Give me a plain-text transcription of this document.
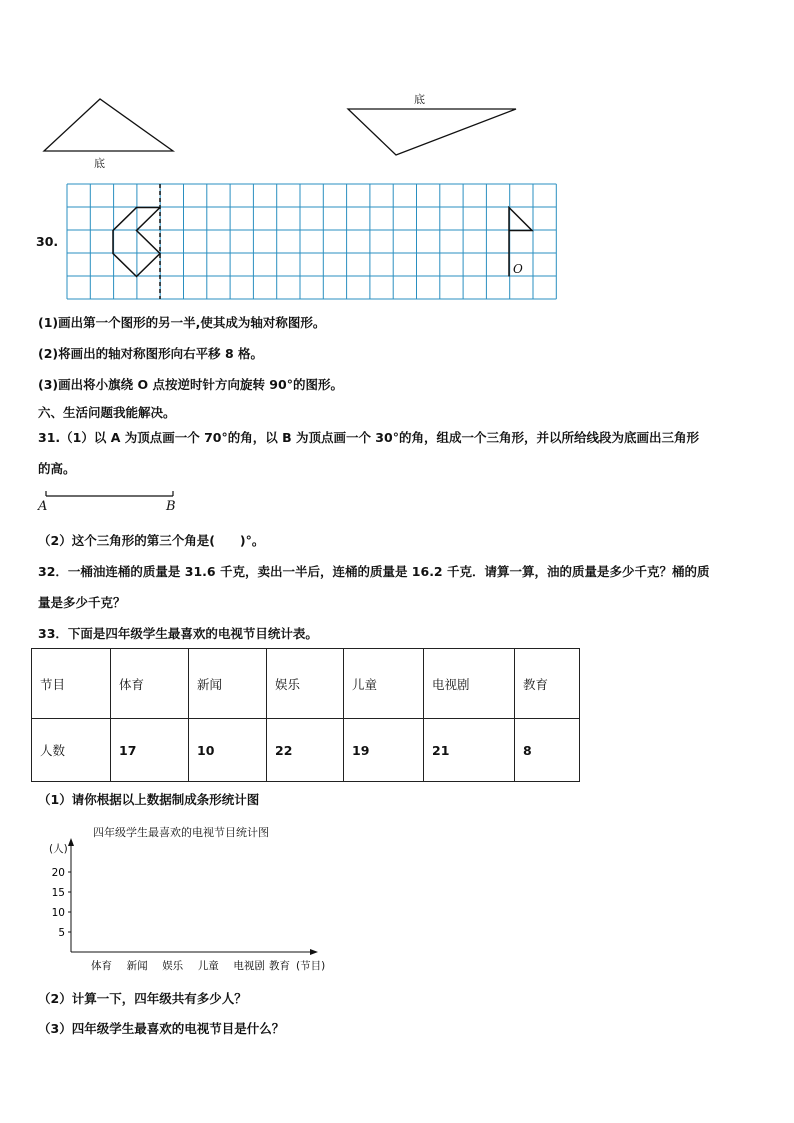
底
底
30.
O
(1)画出第一个图形的另一半,使其成为轴对称图形。
(2)将画出的轴对称图形向右平移 8 格。
(3)画出将小旗绕 O 点按逆时针方向旋转 90°的图形。
六、生活问题我能解决。
31.（1）以 A 为顶点画一个 70°的角，以 B 为顶点画一个 30°的角，组成一个三角形，并以所给线段为底画出三角形
的高。
A	B
（2）这个三角形的第三个角是(　　)°。
32．一桶油连桶的质量是 31.6 千克，卖出一半后，连桶的质量是 16.2 千克．请算一算，油的质量是多少千克？桶的质
量是多少千克？
33．下面是四年级学生最喜欢的电视节目统计表。
节目	体育	新闻	娱乐	儿童	电视剧	教育
人数	17	10	22	19	21	8
（1）请你根据以上数据制成条形统计图
四年级学生最喜欢的电视节目统计图
(人)
(节目)
5
10
15
20
体育 新闻 娱乐 儿童 电视剧 教育
（2）计算一下，四年级共有多少人？
（3）四年级学生最喜欢的电视节目是什么？
